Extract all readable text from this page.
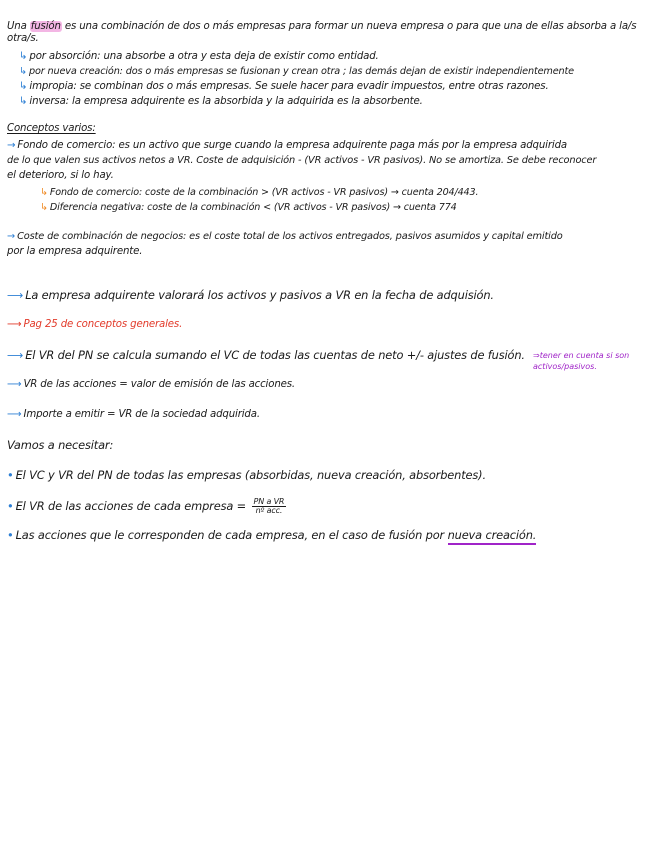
Una fusión es una combinación de dos o más empresas para formar un nueva empresa o para que una de ellas absorba a la/s otra/s.
↳ por absorción: una absorbe a otra y esta deja de existir como entidad.
↳ por nueva creación: dos o más empresas se fusionan y crean otra ; las demás dejan de existir independientemente
↳ impropia: se combinan dos o más empresas. Se suele hacer para evadir impuestos, entre otras razones.
↳ inversa: la empresa adquirente es la absorbida y la adquirida es la absorbente.
Conceptos varios:
→ Fondo de comercio: es un activo que surge cuando la empresa adquirente paga más por la empresa adquirida
de lo que valen sus activos netos a VR. Coste de adquisición - (VR activos - VR pasivos). No se amortiza. Se debe reconocer
el deterioro, si lo hay.
↳ Fondo de comercio: coste de la combinación > (VR activos - VR pasivos) → cuenta 204/443.
↳ Diferencia negativa: coste de la combinación < (VR activos - VR pasivos) → cuenta 774
→ Coste de combinación de negocios: es el coste total de los activos entregados, pasivos asumidos y capital emitido
por la empresa adquirente.
⟶ La empresa adquirente valorará los activos y pasivos a VR en la fecha de adquisión.
⟶ Pag 25 de conceptos generales.
⟶ El VR del PN se calcula sumando el VC de todas las cuentas de neto +/- ajustes de fusión. ⇒tener en cuenta si son activos/pasivos.
⟶ VR de las acciones = valor de emisión de las acciones.
⟶ Importe a emitir = VR de la sociedad adquirida.
Vamos a necesitar:
• El VC y VR del PN de todas las empresas (absorbidas, nueva creación, absorbentes).
• El VR de las acciones de cada empresa = $\frac{\text{PN a VR}}{\text{nº acc.}}$
• Las acciones que le corresponden de cada empresa, en el caso de fusión por nueva creación.
